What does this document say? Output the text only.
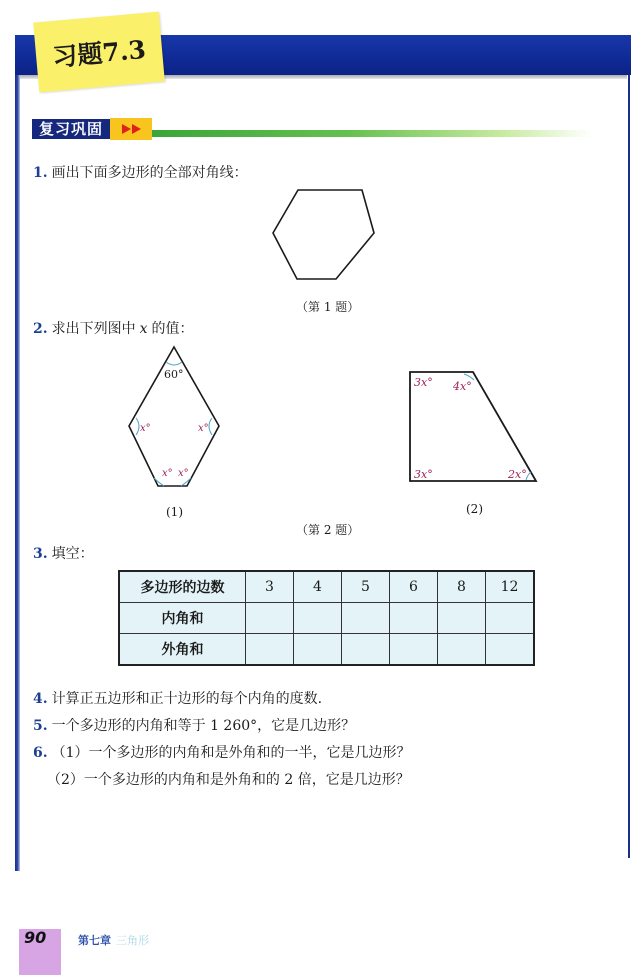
习题7.3
复习巩固
1. 画出下面多边形的全部对角线：
（第 1 题）
2. 求出下列图中 x 的值：
60°
x°	x°
x° x°
(1)
3x° 4x°
3x°	2x°
(2)
（第 2 题）
3. 填空：
多边形的边数	3	4	5	6	8	12
内角和						
外角和						
4. 计算正五边形和正十边形的每个内角的度数.
5. 一个多边形的内角和等于 1 260°，它是几边形？
6. （1）一个多边形的内角和是外角和的一半，它是几边形？
（2）一个多边形的内角和是外角和的 2 倍，它是几边形？
90	第七章 三角形
